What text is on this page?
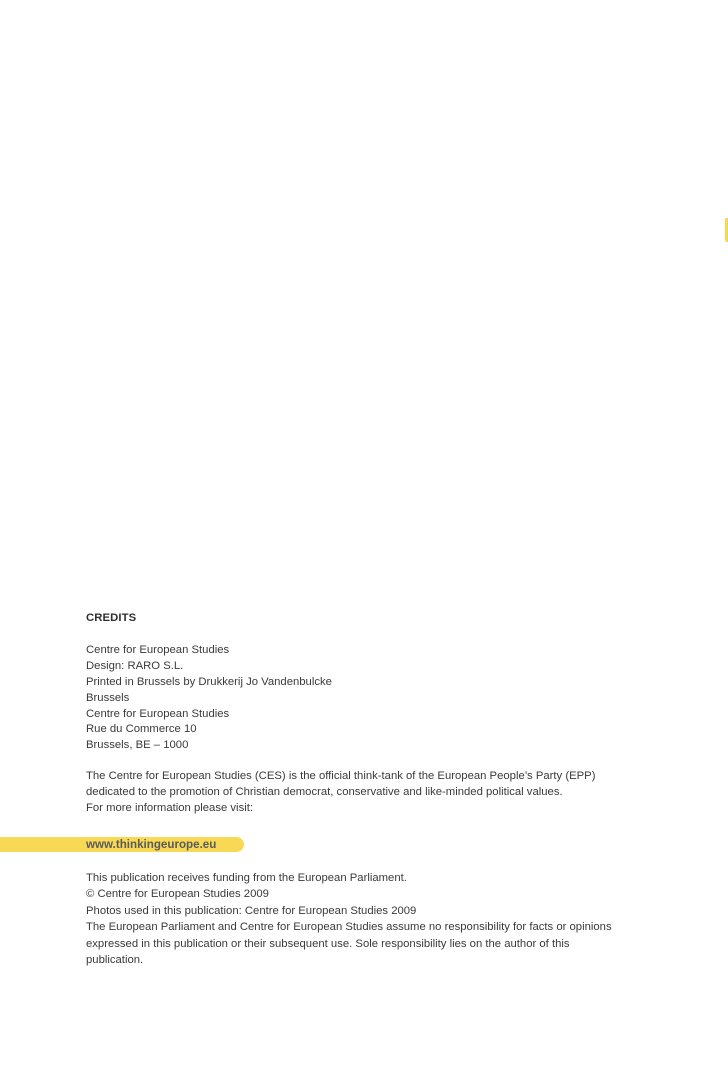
CREDITS
Centre for European Studies
Design: RARO S.L.
Printed in Brussels by Drukkerij Jo Vandenbulcke
Brussels
Centre for European Studies
Rue du Commerce 10
Brussels, BE – 1000
The Centre for European Studies (CES) is the official think-tank of the European People’s Party (EPP)
dedicated to the promotion of Christian democrat, conservative and like-minded political values.
For more information please visit:
www.thinkingeurope.eu
This publication receives funding from the European Parliament.
© Centre for European Studies 2009
Photos used in this publication: Centre for European Studies 2009
The European Parliament and Centre for European Studies assume no responsibility for facts or opinions
expressed in this publication or their subsequent use. Sole responsibility lies on the author of this
publication.
